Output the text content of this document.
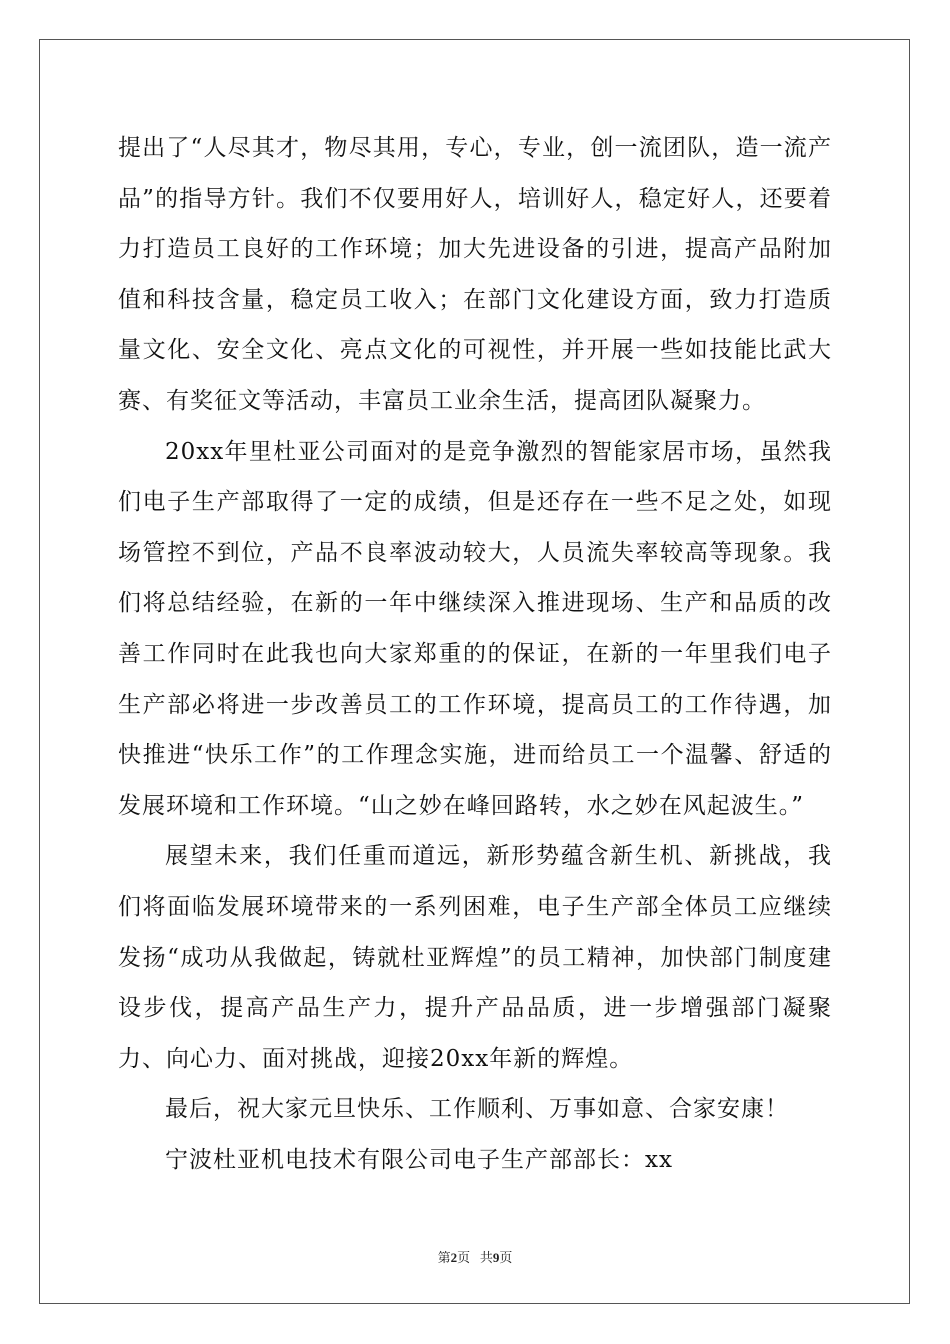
提出了“人尽其才，物尽其用，专心，专业，创一流团队，造一流产品”的指导方针。我们不仅要用好人，培训好人，稳定好人，还要着力打造员工良好的工作环境；加大先进设备的引进，提高产品附加值和科技含量，稳定员工收入；在部门文化建设方面，致力打造质量文化、安全文化、亮点文化的可视性，并开展一些如技能比武大赛、有奖征文等活动，丰富员工业余生活，提高团队凝聚力。

20xx年里杜亚公司面对的是竞争激烈的智能家居市场，虽然我们电子生产部取得了一定的成绩，但是还存在一些不足之处，如现场管控不到位，产品不良率波动较大，人员流失率较高等现象。我们将总结经验，在新的一年中继续深入推进现场、生产和品质的改善工作同时在此我也向大家郑重的的保证，在新的一年里我们电子生产部必将进一步改善员工的工作环境，提高员工的工作待遇，加快推进“快乐工作”的工作理念实施，进而给员工一个温馨、舒适的发展环境和工作环境。“山之妙在峰回路转，水之妙在风起波生。”

展望未来，我们任重而道远，新形势蕴含新生机、新挑战，我们将面临发展环境带来的一系列困难，电子生产部全体员工应继续发扬“成功从我做起，铸就杜亚辉煌”的员工精神，加快部门制度建设步伐，提高产品生产力，提升产品品质，进一步增强部门凝聚力、向心力、面对挑战，迎接20xx年新的辉煌。

最后，祝大家元旦快乐、工作顺利、万事如意、合家安康！

宁波杜亚机电技术有限公司电子生产部部长：xx

第2页 共9页
